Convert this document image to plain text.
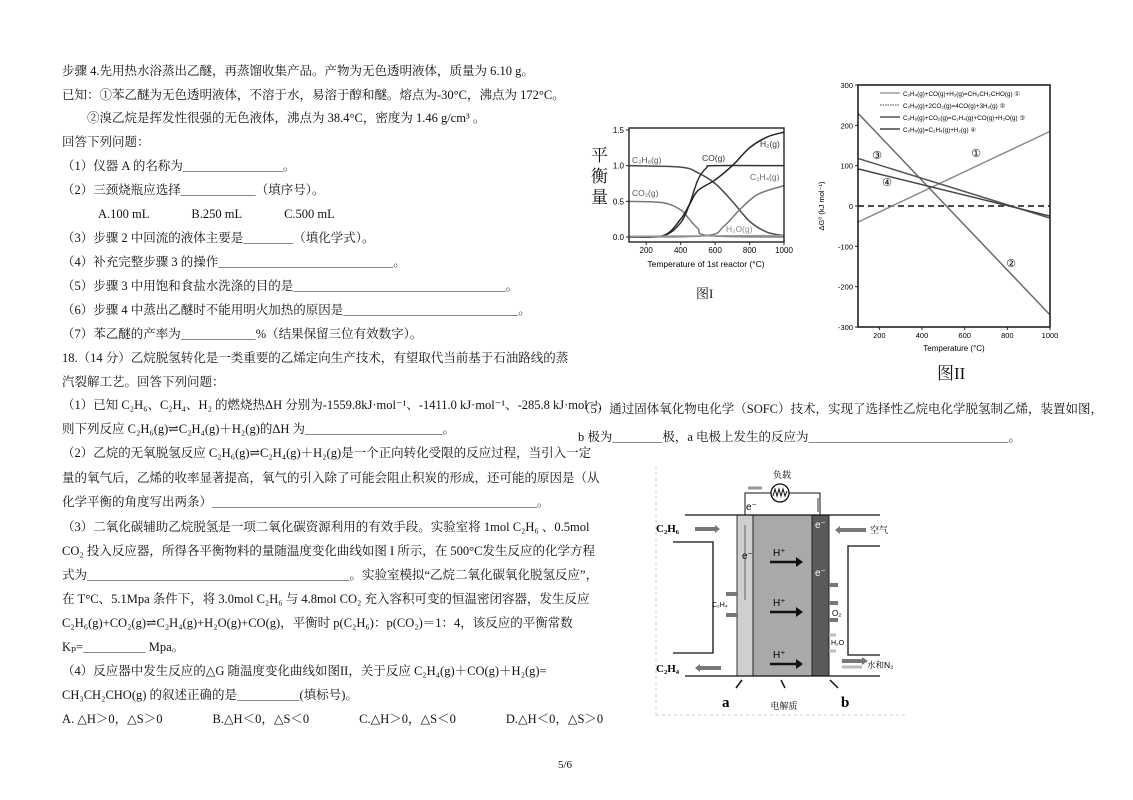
步骤 4.先用热水浴蒸出乙醚，再蒸馏收集产品。产物为无色透明液体，质量为 6.10 g。
已知：①苯乙醚为无色透明液体，不溶于水，易溶于醇和醚。熔点为-30°C，沸点为 172°C。
②溴乙烷是挥发性很强的无色液体，沸点为 38.4°C，密度为 1.46 g/cm³ 。
回答下列问题：
（1）仪器 A 的名称为＿＿＿＿＿＿＿＿。
（2）三颈烧瓶应选择＿＿＿＿＿＿（填序号）。
A.100 mL	B.250 mL	C.500 mL
（3）步骤 2 中回流的液体主要是＿＿＿＿（填化学式）。
（4）补充完整步骤 3 的操作＿＿＿＿＿＿＿＿＿＿＿＿＿＿。
（5）步骤 3 中用饱和食盐水洗涤的目的是＿＿＿＿＿＿＿＿＿＿＿＿＿＿＿＿＿。
（6）步骤 4 中蒸出乙醚时不能用明火加热的原因是＿＿＿＿＿＿＿＿＿＿＿＿＿＿。
（7）苯乙醚的产率为＿＿＿＿＿＿%（结果保留三位有效数字）。
18.（14 分）乙烷脱氢转化是一类重要的乙烯定向生产技术，有望取代当前基于石油路线的蒸
汽裂解工艺。回答下列问题：
（1）已知 C₂H₆、C₂H₄、H₂ 的燃烧热ΔH 分别为-1559.8kJ·mol⁻¹、-1411.0 kJ·mol⁻¹、-285.8 kJ·mol⁻¹，
则下列反应 C₂H₆(g)⇌C₂H₄(g)＋H₂(g)的ΔH 为＿＿＿＿＿＿＿＿＿＿＿。
（2）乙烷的无氧脱氢反应 C₂H₆(g)⇌C₂H₄(g)＋H₂(g)是一个正向转化受限的反应过程，当引入一定
量的氧气后，乙烯的收率显著提高，氧气的引入除了可能会阻止积炭的形成，还可能的原因是（从
化学平衡的角度写出两条）＿＿＿＿＿＿＿＿＿＿＿＿＿＿＿＿＿＿＿＿＿＿＿＿＿＿。
（3）二氧化碳辅助乙烷脱氢是一项二氧化碳资源利用的有效手段。实验室将 1mol C₂H₆ 、0.5mol
CO₂ 投入反应器，所得各平衡物料的量随温度变化曲线如图 I 所示，在 500°C发生反应的化学方程
式为＿＿＿＿＿＿＿＿＿＿＿＿＿＿＿＿＿＿＿＿＿。实验室模拟“乙烷二氧化碳氧化脱氢反应”，
在 T°C、5.1Mpa 条件下，将 3.0mol C₂H₆ 与 4.8mol CO₂ 充入容积可变的恒温密闭容器，发生反应
C₂H₆(g)+CO₂(g)⇌C₂H₄(g)+H₂O(g)+CO(g)，平衡时 p(C₂H₆)：p(CO₂)＝1：4，该反应的平衡常数
Kₚ=＿＿＿＿＿ Mpa。
（4）反应器中发生反应的△G 随温度变化曲线如图II，关于反应 C₂H₄(g)＋CO(g)＋H₂(g)=
CH₃CH₂CHO(g) 的叙述正确的是＿＿＿＿＿(填标号)。
A. △H＞0，△S＞0	B.△H＜0，△S＜0	C.△H＞0，△S＜0	D.△H＜0，△S＞0
（5）通过固体氧化物电化学（SOFC）技术，实现了选择性乙烷电化学脱氢制乙烯，装置如图，
b 极为＿＿＿＿极，a 电极上发生的反应为＿＿＿＿＿＿＿＿＿＿＿＿＿＿＿＿。
200	400	600	800 1000
0.0
0.5
1.0
1.5
Temperature of 1st reactor (°C)
C₂H₆(g)
CO₂(g)
CO(g)
H₂(g)
C₂H₄(g)
H₂O(g)
200	400	600	800	1000
300
200
100
0
-100
-200
-300
ΔG⁰ (kJ mol⁻¹)
Temperature (°C)
C₂H₄(g)+CO(g)+H₂(g)=CH₃CH₂CHO(g) ①
C₂H₆(g)+2CO₂(g)=4CO(g)+3H₂(g) ②
C₂H₆(g)+CO₂(g)=C₂H₄(g)+CO(g)+H₂O(g) ③
C₂H₆(g)=C₂H₄(g)+H₂(g) ④
①
②
③
④
负载
e⁻
e⁻
e⁻
e⁻
H⁺
H⁺
H⁺
C₂H₆
C₂H₄
C₂H₄
空气
水和N₂
O₂
H₂O
a	b
电解质
平衡量
图I
图II
5/6
